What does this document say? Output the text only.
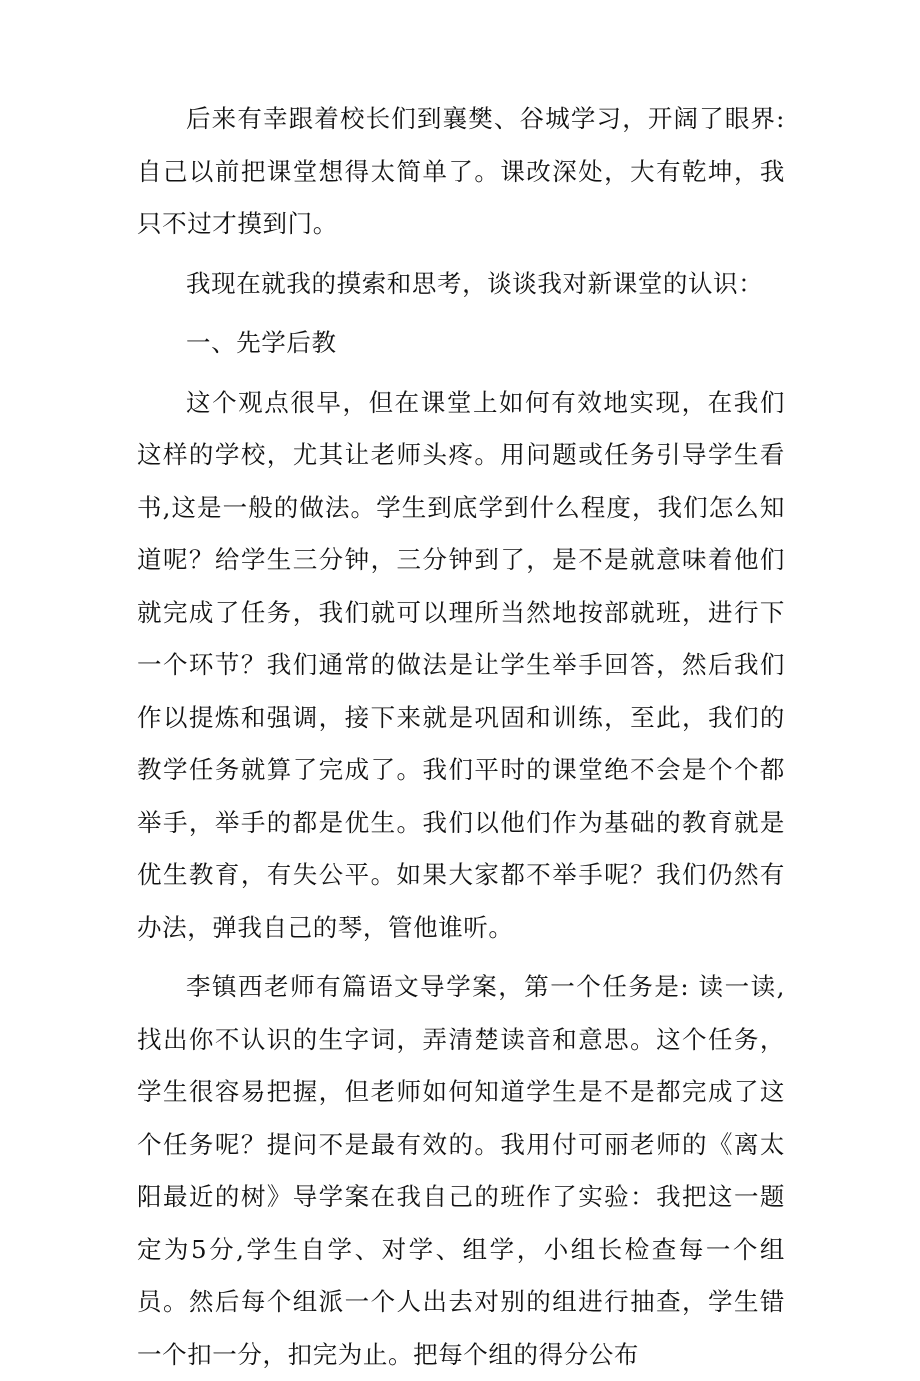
后来有幸跟着校长们到襄樊、谷城学习，开阔了眼界:自己以前把课堂想得太简单了。课改深处，大有乾坤，我只不过才摸到门。

我现在就我的摸索和思考，谈谈我对新课堂的认识：

一、先学后教

这个观点很早，但在课堂上如何有效地实现，在我们这样的学校，尤其让老师头疼。用问题或任务引导学生看书,这是一般的做法。学生到底学到什么程度，我们怎么知道呢？给学生三分钟，三分钟到了，是不是就意味着他们就完成了任务，我们就可以理所当然地按部就班，进行下一个环节？我们通常的做法是让学生举手回答，然后我们作以提炼和强调，接下来就是巩固和训练，至此，我们的教学任务就算了完成了。我们平时的课堂绝不会是个个都举手，举手的都是优生。我们以他们作为基础的教育就是优生教育，有失公平。如果大家都不举手呢？我们仍然有办法，弹我自己的琴，管他谁听。

李镇西老师有篇语文导学案，第一个任务是: 读一读,找出你不认识的生字词，弄清楚读音和意思。这个任务，学生很容易把握，但老师如何知道学生是不是都完成了这个任务呢？提问不是最有效的。我用付可丽老师的《离太阳最近的树》导学案在我自己的班作了实验：我把这一题定为5分,学生自学、对学、组学，小组长检查每一个组员。然后每个组派一个人出去对别的组进行抽查，学生错一个扣一分，扣完为止。把每个组的得分公布
